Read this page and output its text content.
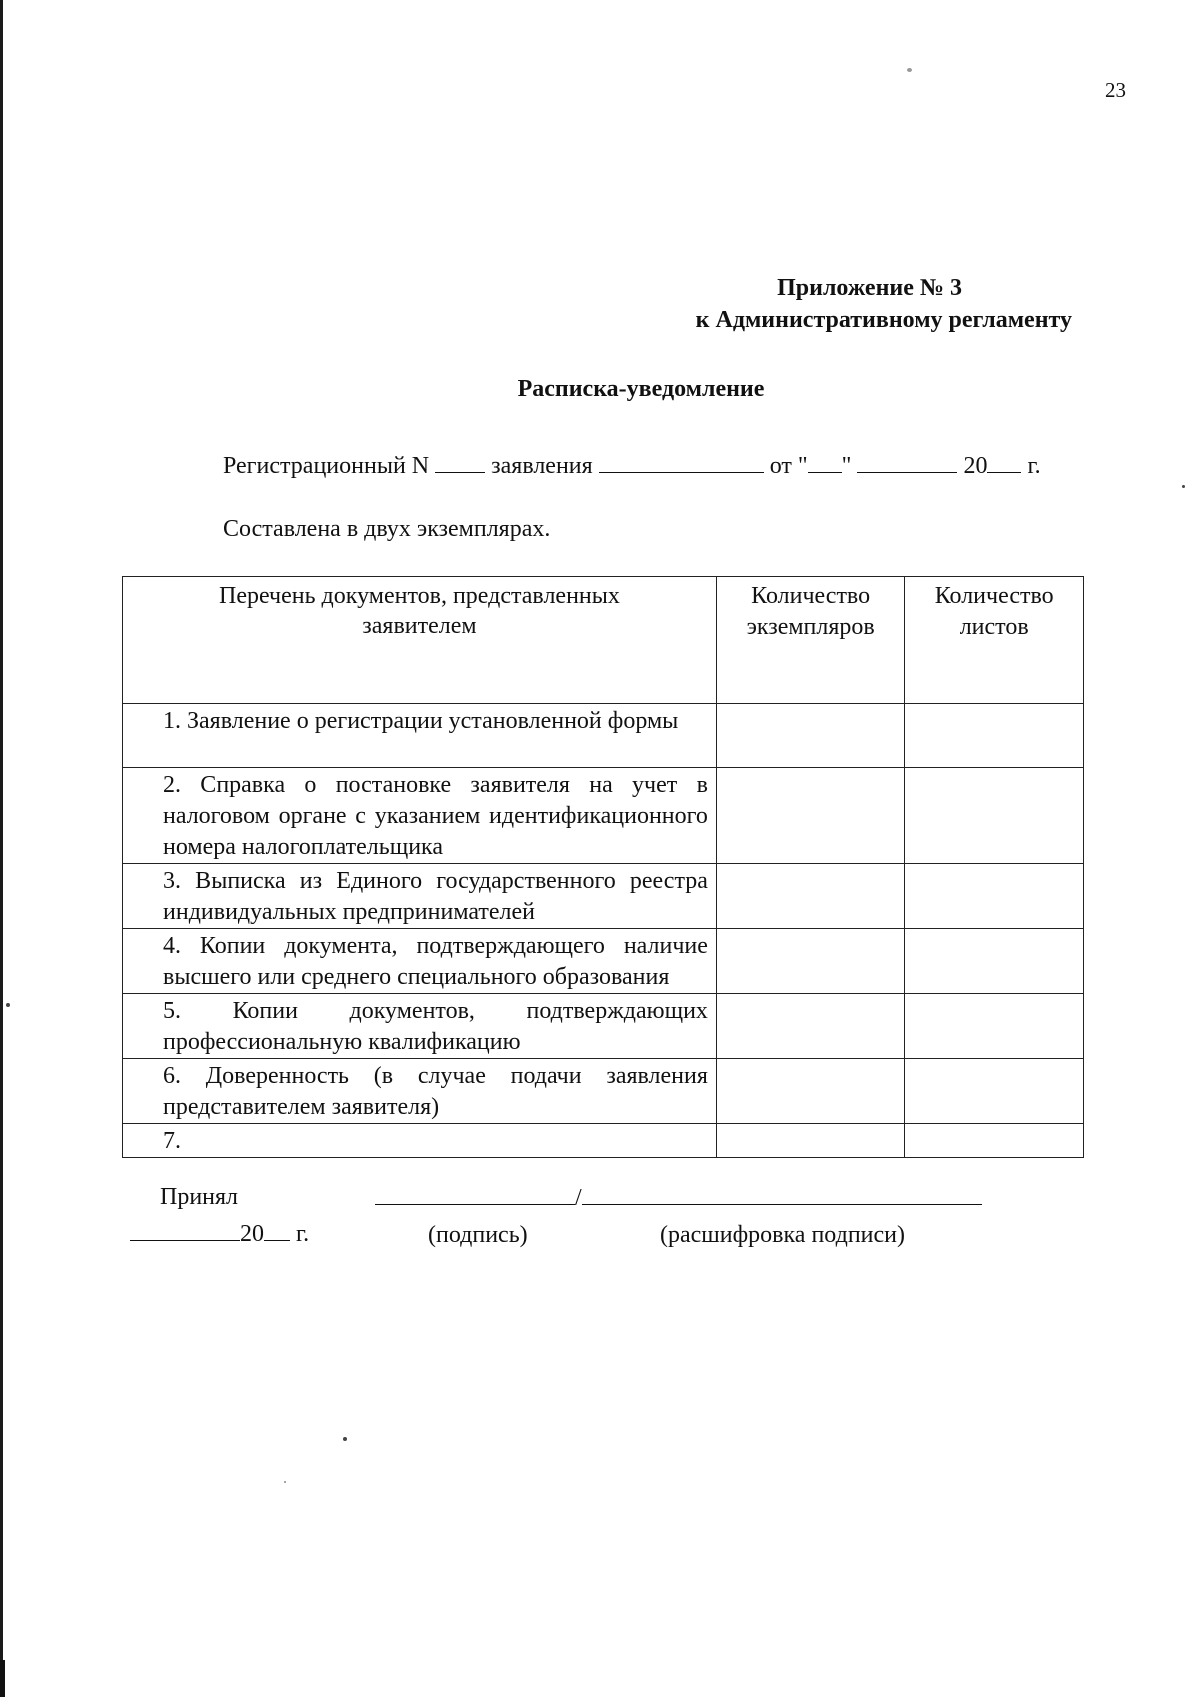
23
Приложение № 3
к Административному регламенту
Расписка-уведомление
Регистрационный N	заявления	от " "	20 г.
Составлена в двух экземплярах.
Перечень документов, представленных заявителем	Количество экземпляров	Количество листов
1. Заявление о регистрации установленной формы		
2. Справка о постановке заявителя на учет в налоговом органе с указанием идентификационного номера налогоплательщика		
3. Выписка из Единого государственного реестра индивидуальных предпринимателей		
4. Копии документа, подтверждающего наличие высшего или среднего специального образования		
5. Копии документов, подтверждающих профессиональную квалификацию		
6. Доверенность (в случае подачи заявления представителем заявителя)		
7.		
Принял	/
20 г.	(подпись)	(расшифровка подписи)
